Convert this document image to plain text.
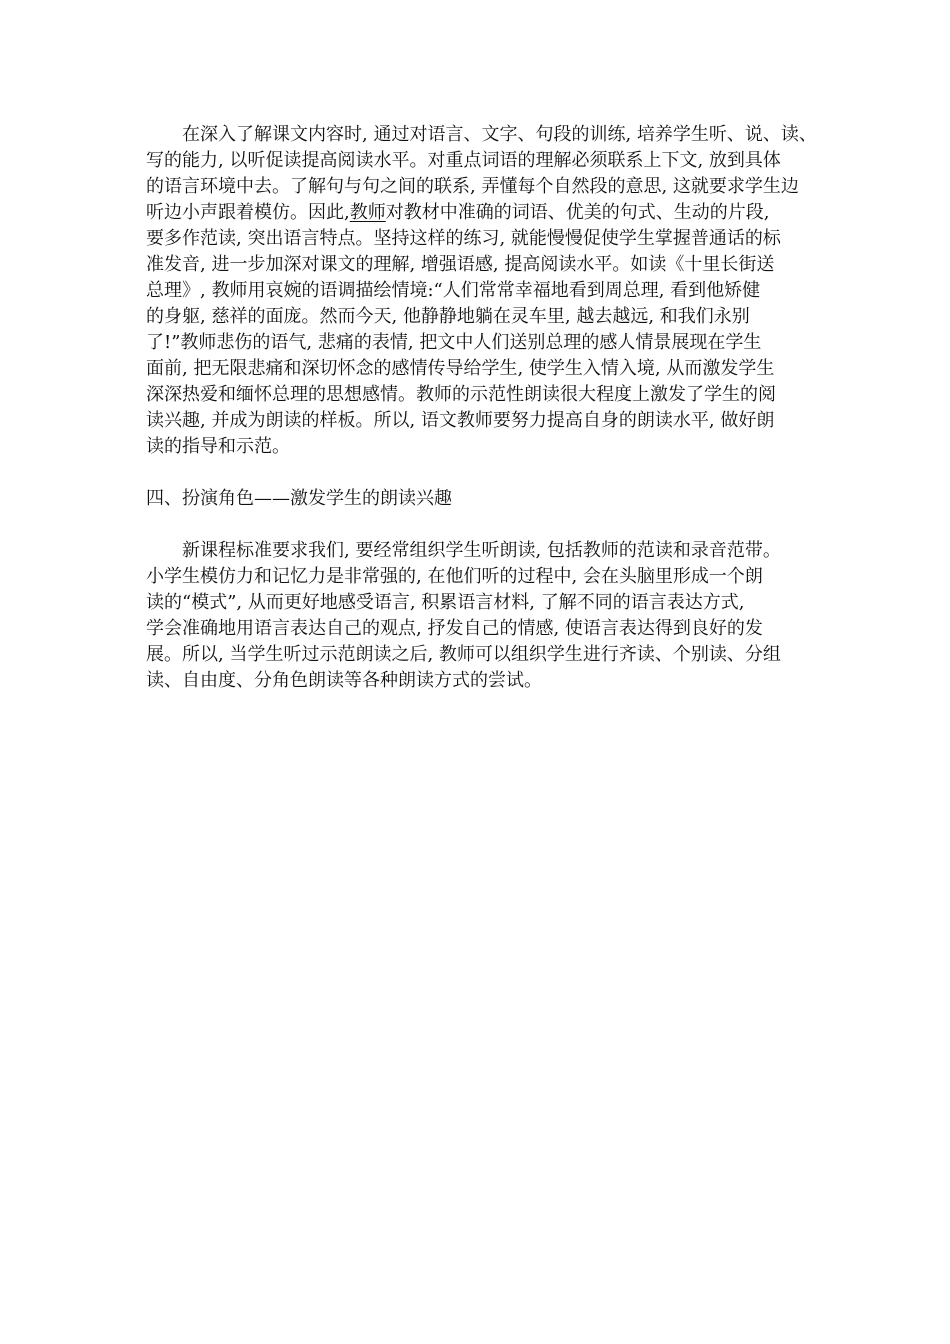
　　在深入了解课文内容时, 通过对语言、文字、句段的训练, 培养学生听、说、读、
写的能力, 以听促读提高阅读水平。对重点词语的理解必须联系上下文, 放到具体
的语言环境中去。了解句与句之间的联系, 弄懂每个自然段的意思, 这就要求学生边
听边小声跟着模仿。因此,教师对教材中准确的词语、优美的句式、生动的片段,
要多作范读, 突出语言特点。坚持这样的练习, 就能慢慢促使学生掌握普通话的标
准发音, 进一步加深对课文的理解, 增强语感, 提高阅读水平。如读《十里长街送
总理》, 教师用哀婉的语调描绘情境:“人们常常幸福地看到周总理, 看到他矫健
的身躯, 慈祥的面庞。然而今天, 他静静地躺在灵车里, 越去越远, 和我们永别
了!”教师悲伤的语气, 悲痛的表情, 把文中人们送别总理的感人情景展现在学生
面前, 把无限悲痛和深切怀念的感情传导给学生, 使学生入情入境, 从而激发学生
深深热爱和缅怀总理的思想感情。教师的示范性朗读很大程度上激发了学生的阅
读兴趣, 并成为朗读的样板。所以, 语文教师要努力提高自身的朗读水平, 做好朗
读的指导和示范。
四、扮演角色——激发学生的朗读兴趣
　　新课程标准要求我们, 要经常组织学生听朗读, 包括教师的范读和录音范带。
小学生模仿力和记忆力是非常强的, 在他们听的过程中, 会在头脑里形成一个朗
读的“模式”, 从而更好地感受语言, 积累语言材料, 了解不同的语言表达方式,
学会准确地用语言表达自己的观点, 抒发自己的情感, 使语言表达得到良好的发
展。所以, 当学生听过示范朗读之后, 教师可以组织学生进行齐读、个别读、分组
读、自由度、分角色朗读等各种朗读方式的尝试。
